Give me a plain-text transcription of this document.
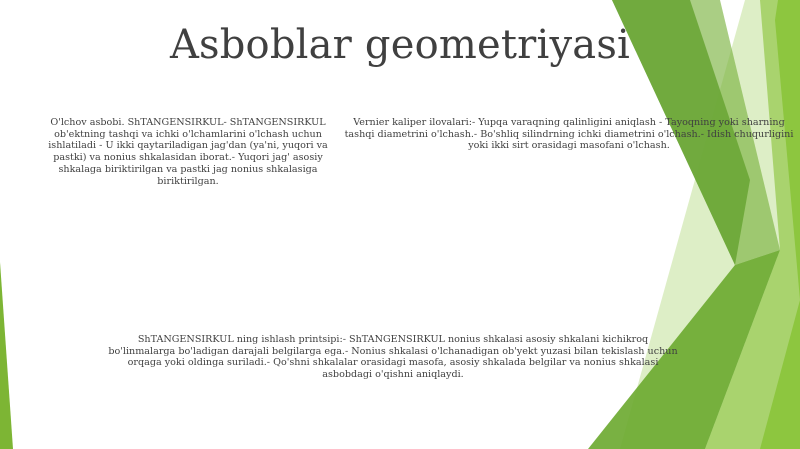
Asboblar geometriyasi
O'lchov asbobi. ShTANGENSIRKUL- ShTANGENSIRKUL ob'ektning tashqi va ichki o'lchamlarini o'lchash uchun ishlatiladi - U ikki qaytariladigan jag'dan (ya'ni, yuqori va pastki) va nonius shkalasidan iborat.- Yuqori jag' asosiy shkalaga biriktirilgan va pastki jag nonius shkalasiga biriktirilgan.
Vernier kaliper ilovalari:- Yupqa varaqning qalinligini aniqlash - Tayoqning yoki sharning tashqi diametrini o'lchash.- Bo'shliq silindrning ichki diametrini o'lchash.- Idish chuqurligini yoki ikki sirt orasidagi masofani o'lchash.
ShTANGENSIRKUL ning ishlash printsipi:- ShTANGENSIRKUL nonius shkalasi asosiy shkalani kichikroq bo'linmalarga bo'ladigan darajali belgilarga ega.- Nonius shkalasi o'lchanadigan ob'yekt yuzasi bilan tekislash uchun orqaga yoki oldinga suriladi.- Qo'shni shkalalar orasidagi masofa, asosiy shkalada belgilar va nonius shkalasi asbobdagi o'qishni aniqlaydi.
